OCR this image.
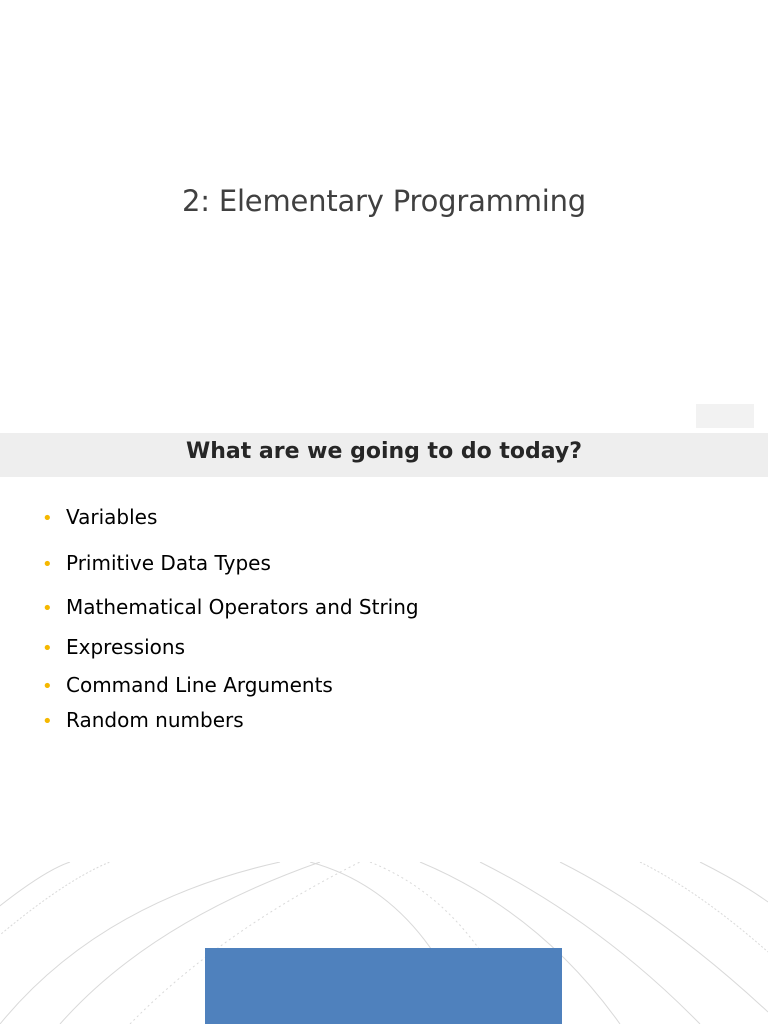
2: Elementary Programming
What are we going to do today?
• Variables
• Primitive Data Types
• Mathematical Operators and String
• Expressions
• Command Line Arguments
• Random numbers
